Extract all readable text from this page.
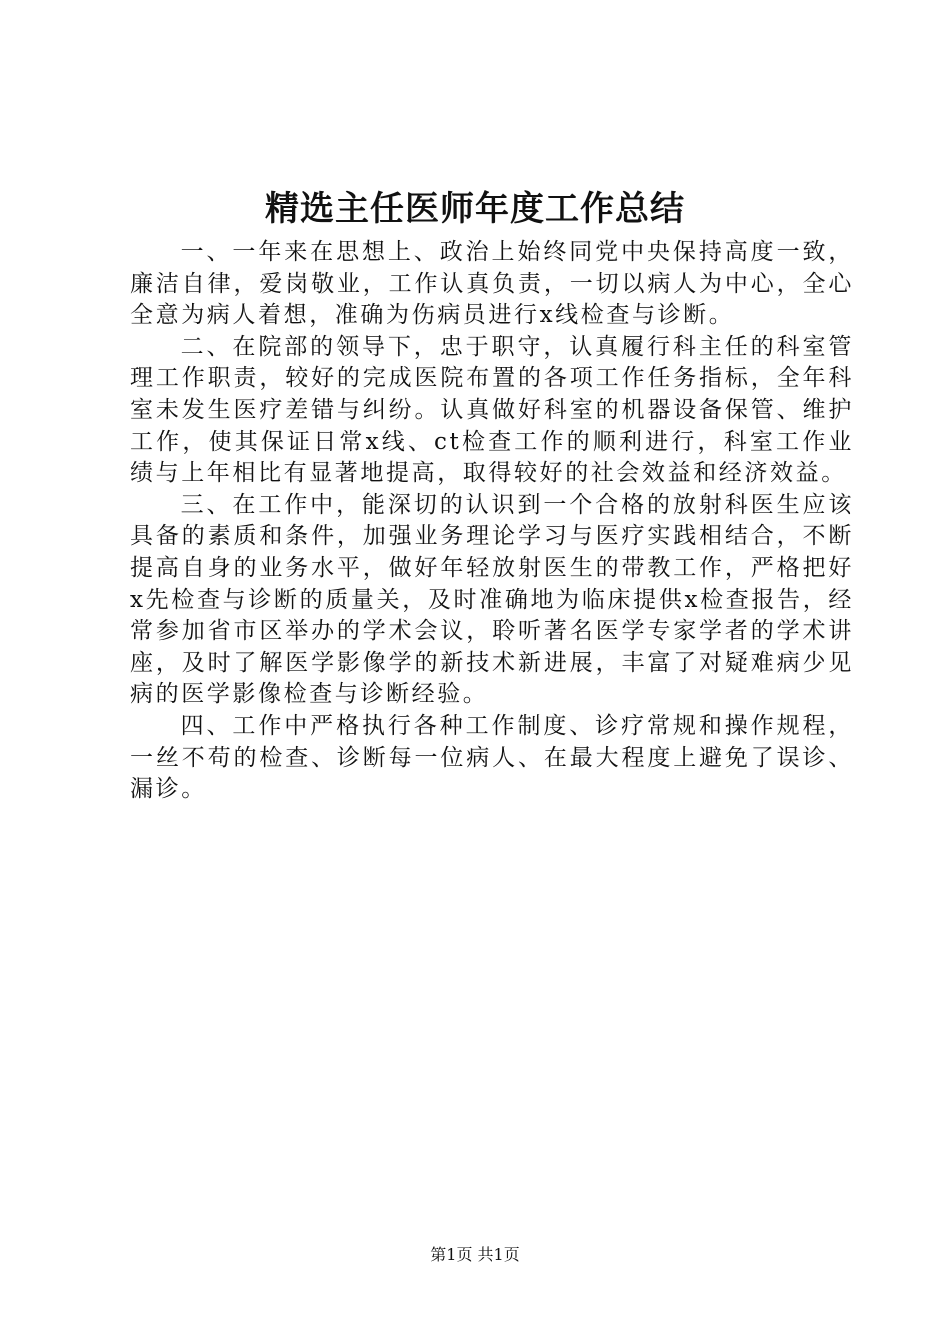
精选主任医师年度工作总结

一、一年来在思想上、政治上始终同党中央保持高度一致，廉洁自律，爱岗敬业，工作认真负责，一切以病人为中心，全心全意为病人着想，准确为伤病员进行x线检查与诊断。

二、在院部的领导下，忠于职守，认真履行科主任的科室管理工作职责，较好的完成医院布置的各项工作任务指标，全年科室未发生医疗差错与纠纷。认真做好科室的机器设备保管、维护工作，使其保证日常x线、ct检查工作的顺利进行，科室工作业绩与上年相比有显著地提高，取得较好的社会效益和经济效益。

三、在工作中，能深切的认识到一个合格的放射科医生应该具备的素质和条件，加强业务理论学习与医疗实践相结合，不断提高自身的业务水平，做好年轻放射医生的带教工作，严格把好x先检查与诊断的质量关，及时准确地为临床提供x检查报告，经常参加省市区举办的学术会议，聆听著名医学专家学者的学术讲座，及时了解医学影像学的新技术新进展，丰富了对疑难病少见病的医学影像检查与诊断经验。

四、工作中严格执行各种工作制度、诊疗常规和操作规程，一丝不苟的检查、诊断每一位病人、在最大程度上避免了误诊、漏诊。

第1页 共1页
